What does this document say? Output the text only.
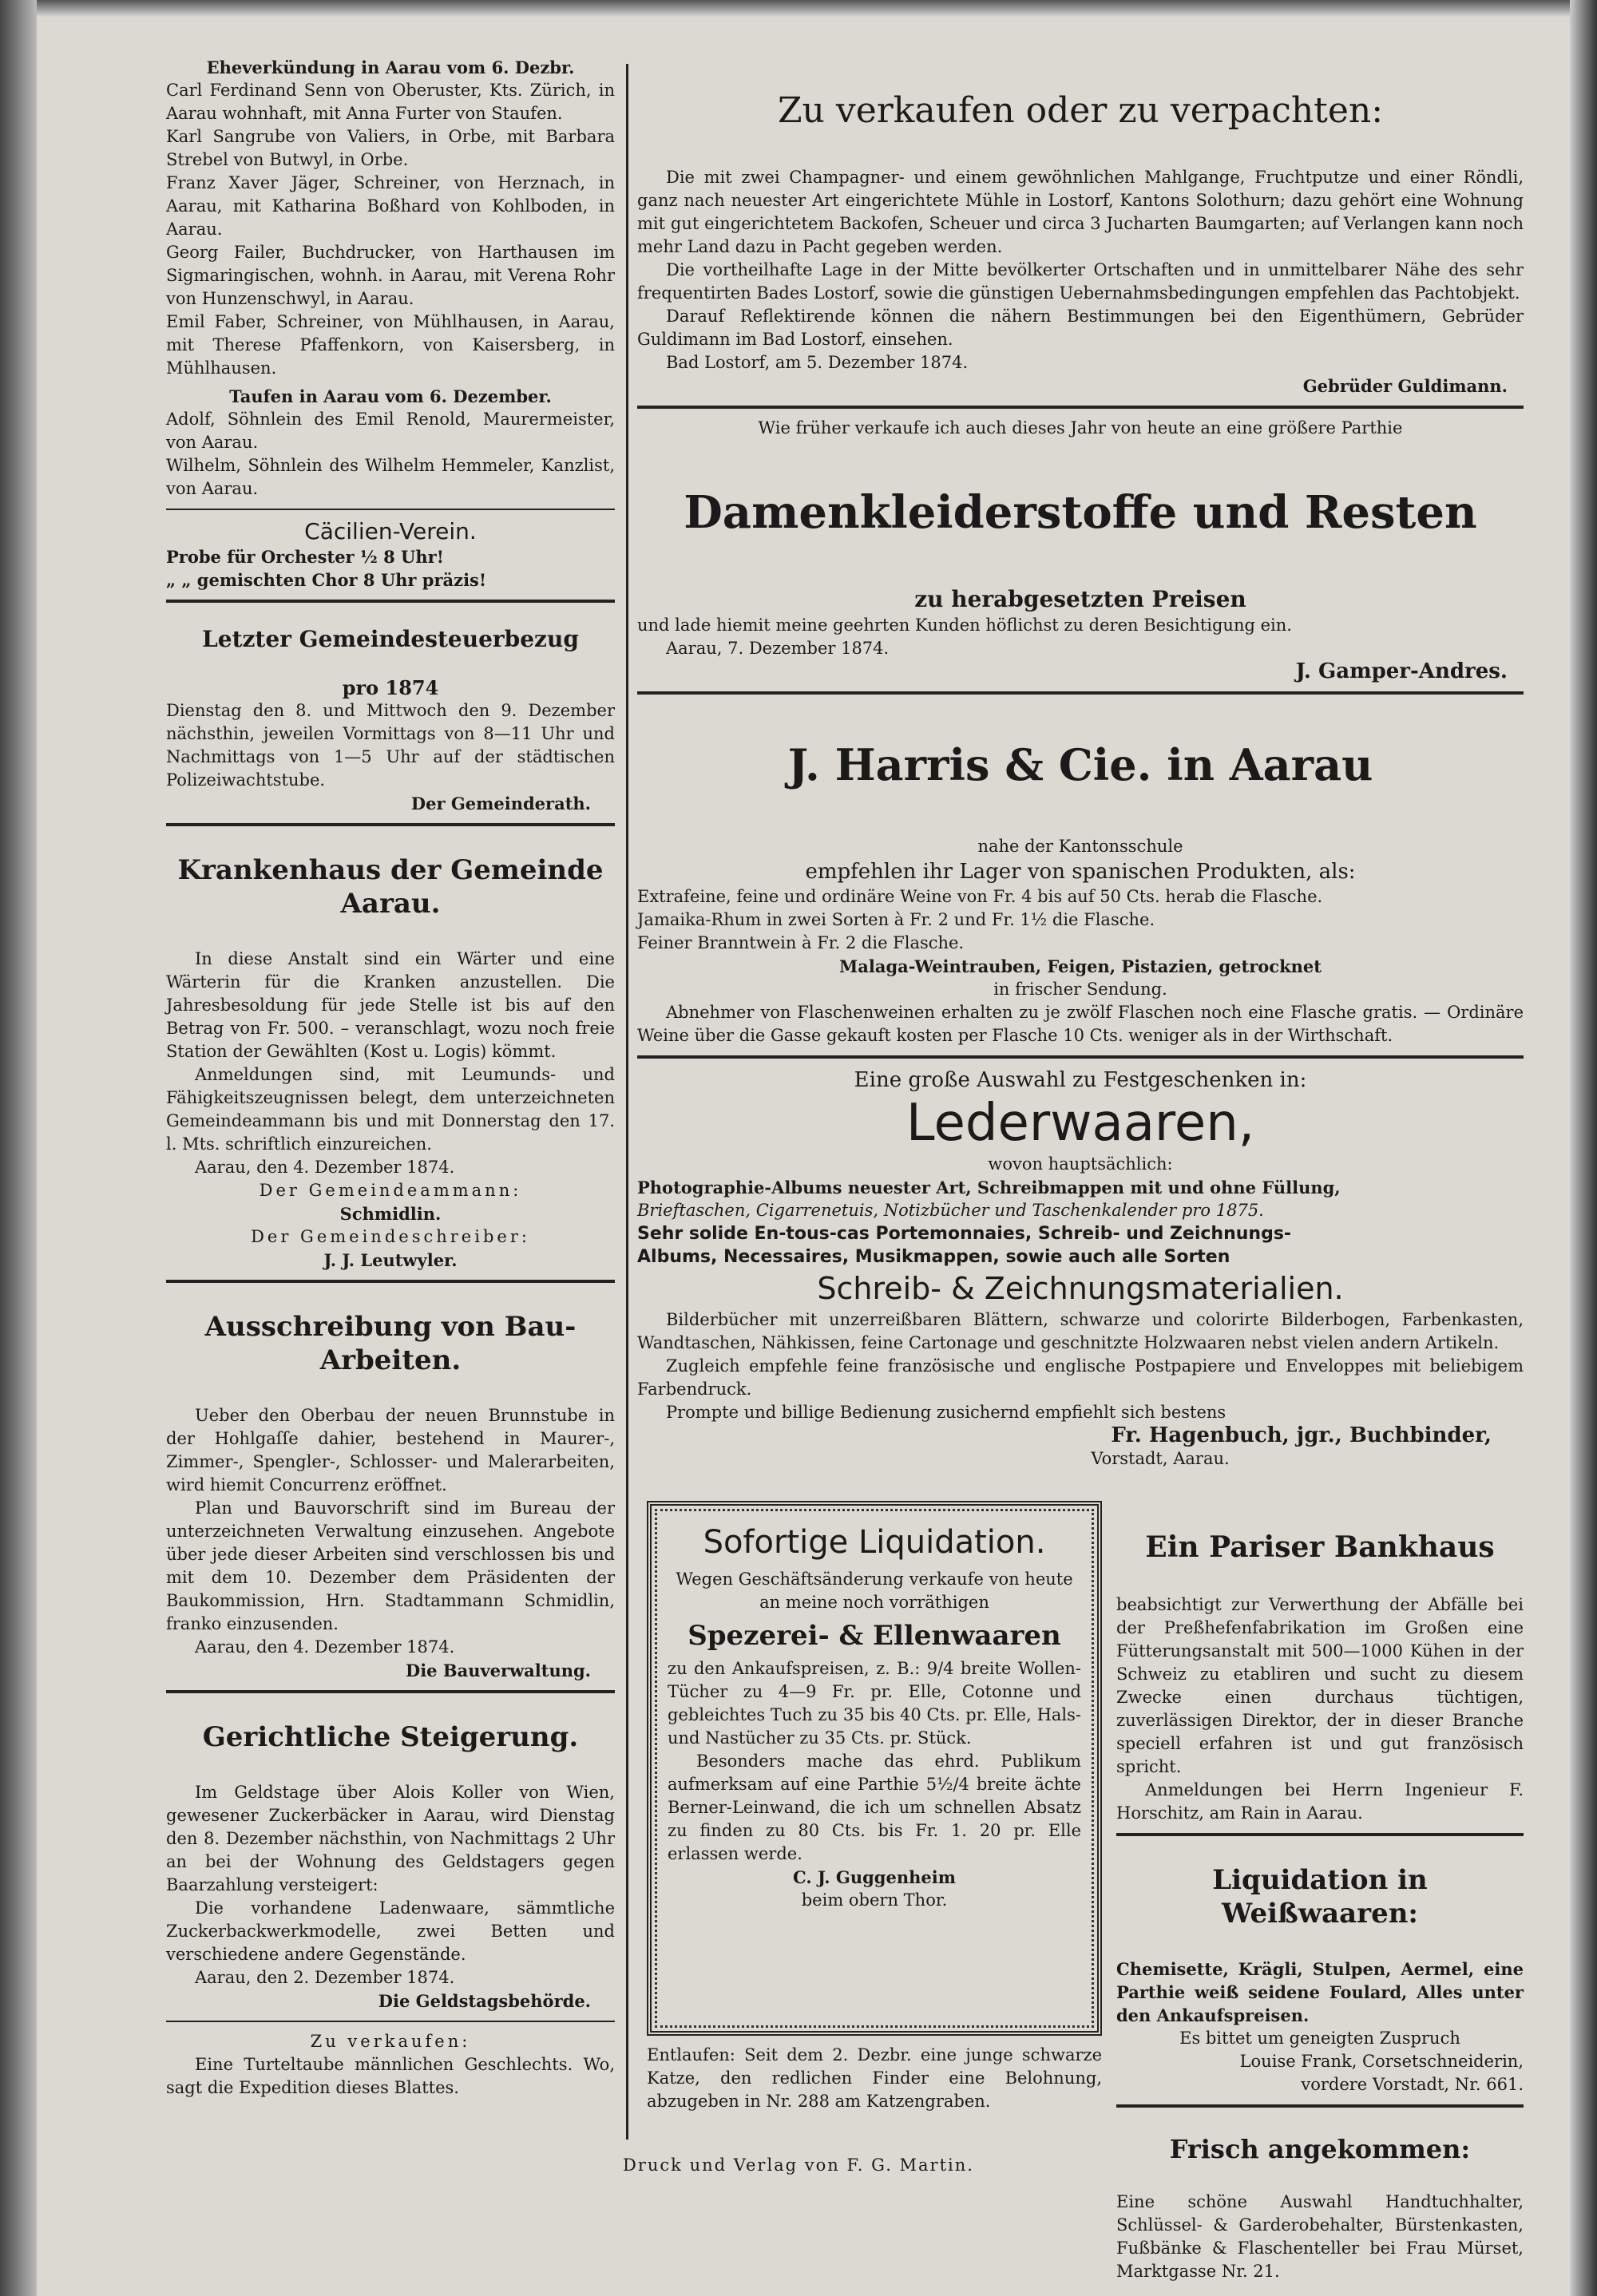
Eheverkündung in Aarau vom 6. Dezbr.

Carl Ferdinand Senn von Oberuster, Kts. Zürich, in Aarau wohnhaft, mit Anna Furter von Staufen.

Karl Sangrube von Valiers, in Orbe, mit Barbara Strebel von Butwyl, in Orbe.

Franz Xaver Jäger, Schreiner, von Herznach, in Aarau, mit Katharina Boßhard von Kohlboden, in Aarau.

Georg Failer, Buchdrucker, von Harthausen im Sigmaringischen, wohnh. in Aarau, mit Verena Rohr von Hunzenschwyl, in Aarau.

Emil Faber, Schreiner, von Mühlhausen, in Aarau, mit Therese Pfaffenkorn, von Kaisersberg, in Mühlhausen.

Taufen in Aarau vom 6. Dezember.

Adolf, Söhnlein des Emil Renold, Maurermeister, von Aarau.

Wilhelm, Söhnlein des Wilhelm Hemmeler, Kanzlist, von Aarau.

Cäcilien-Verein.

Probe für Orchester ½ 8 Uhr!

„ „ gemischten Chor 8 Uhr präzis!

Letzter Gemeindesteuerbezug

pro 1874

Dienstag den 8. und Mittwoch den 9. Dezember nächsthin, jeweilen Vormittags von 8—11 Uhr und Nachmittags von 1—5 Uhr auf der städtischen Polizeiwachtstube.

Der Gemeinderath.

Krankenhaus der Gemeinde Aarau.

In diese Anstalt sind ein Wärter und eine Wärterin für die Kranken anzustellen. Die Jahresbesoldung für jede Stelle ist bis auf den Betrag von Fr. 500. – veranschlagt, wozu noch freie Station der Gewählten (Kost u. Logis) kömmt.

Anmeldungen sind, mit Leumunds- und Fähigkeitszeugnissen belegt, dem unterzeichneten Gemeindeammann bis und mit Donnerstag den 17. l. Mts. schriftlich einzureichen.

Aarau, den 4. Dezember 1874.

Der Gemeindeammann:

Schmidlin.

Der Gemeindeschreiber:

J. J. Leutwyler.

Ausschreibung von Bau-Arbeiten.

Ueber den Oberbau der neuen Brunnstube in der Hohlgaſſe dahier, bestehend in Maurer-, Zimmer-, Spengler-, Schlosser- und Malerarbeiten, wird hiemit Concurrenz eröffnet.

Plan und Bauvorschrift sind im Bureau der unterzeichneten Verwaltung einzusehen. Angebote über jede dieser Arbeiten sind verschlossen bis und mit dem 10. Dezember dem Präsidenten der Baukommission, Hrn. Stadtammann Schmidlin, franko einzusenden.

Aarau, den 4. Dezember 1874.

Die Bauverwaltung.

Gerichtliche Steigerung.

Im Geldstage über Alois Koller von Wien, gewesener Zuckerbäcker in Aarau, wird Dienstag den 8. Dezember nächsthin, von Nachmittags 2 Uhr an bei der Wohnung des Geldstagers gegen Baarzahlung versteigert:

Die vorhandene Ladenwaare, sämmtliche Zuckerbackwerkmodelle, zwei Betten und verschiedene andere Gegenstände.

Aarau, den 2. Dezember 1874.

Die Geldstagsbehörde.

Zu verkaufen:

Eine Turteltaube männlichen Geschlechts. Wo, sagt die Expedition dieses Blattes.

Zu verkaufen oder zu verpachten:

Die mit zwei Champagner- und einem gewöhnlichen Mahlgange, Fruchtputze und einer Röndli, ganz nach neuester Art eingerichtete Mühle in Lostorf, Kantons Solothurn; dazu gehört eine Wohnung mit gut eingerichtetem Backofen, Scheuer und circa 3 Jucharten Baumgarten; auf Verlangen kann noch mehr Land dazu in Pacht gegeben werden.

Die vortheilhafte Lage in der Mitte bevölkerter Ortschaften und in unmittelbarer Nähe des sehr frequentirten Bades Lostorf, sowie die günstigen Uebernahmsbedingungen empfehlen das Pachtobjekt.

Darauf Reflektirende können die nähern Bestimmungen bei den Eigenthümern, Gebrüder Guldimann im Bad Lostorf, einsehen.

Bad Lostorf, am 5. Dezember 1874.

Gebrüder Guldimann.

Wie früher verkaufe ich auch dieses Jahr von heute an eine größere Parthie

Damenkleiderstoffe und Resten

zu herabgesetzten Preisen

und lade hiemit meine geehrten Kunden höflichst zu deren Besichtigung ein.

Aarau, 7. Dezember 1874.

J. Gamper-Andres.

J. Harris & Cie. in Aarau

nahe der Kantonsschule

empfehlen ihr Lager von spanischen Produkten, als:

Extrafeine, feine und ordinäre Weine von Fr. 4 bis auf 50 Cts. herab die Flasche.

Jamaika-Rhum in zwei Sorten à Fr. 2 und Fr. 1½ die Flasche.

Feiner Branntwein à Fr. 2 die Flasche.

Malaga-Weintrauben, Feigen, Pistazien, getrocknet

in frischer Sendung.

Abnehmer von Flaschenweinen erhalten zu je zwölf Flaschen noch eine Flasche gratis. — Ordinäre Weine über die Gasse gekauft kosten per Flasche 10 Cts. weniger als in der Wirthschaft.

Eine große Auswahl zu Festgeschenken in:

Lederwaaren,

wovon hauptsächlich:

Photographie-Albums neuester Art, Schreibmappen mit und ohne Füllung,

Brieftaschen, Cigarrenetuis, Notizbücher und Taschenkalender pro 1875.

Sehr solide En-tous-cas Portemonnaies, Schreib- und Zeichnungs-

Albums, Necessaires, Musikmappen, sowie auch alle Sorten

Schreib- & Zeichnungsmaterialien.

Bilderbücher mit unzerreißbaren Blättern, schwarze und colorirte Bilderbogen, Farbenkasten, Wandtaschen, Nähkissen, feine Cartonage und geschnitzte Holzwaaren nebst vielen andern Artikeln.

Zugleich empfehle feine französische und englische Postpapiere und Enveloppes mit beliebigem Farbendruck.

Prompte und billige Bedienung zusichernd empfiehlt sich bestens

Fr. Hagenbuch, jgr., Buchbinder,

Vorstadt, Aarau.

Sofortige Liquidation.

Wegen Geschäftsänderung verkaufe von heute an meine noch vorräthigen

Spezerei- & Ellenwaaren

zu den Ankaufspreisen, z. B.: 9/4 breite Wollen-Tücher zu 4—9 Fr. pr. Elle, Cotonne und gebleichtes Tuch zu 35 bis 40 Cts. pr. Elle, Hals- und Nastücher zu 35 Cts. pr. Stück.

Besonders mache das ehrd. Publikum aufmerksam auf eine Parthie 5½/4 breite ächte Berner-Leinwand, die ich um schnellen Absatz zu finden zu 80 Cts. bis Fr. 1. 20 pr. Elle erlassen werde.

C. J. Guggenheim

beim obern Thor.

Entlaufen: Seit dem 2. Dezbr. eine junge schwarze Katze, den redlichen Finder eine Belohnung, abzugeben in Nr. 288 am Katzengraben.

Ein Pariser Bankhaus

beabsichtigt zur Verwerthung der Abfälle bei der Preßhefenfabrikation im Großen eine Fütterungsanstalt mit 500—1000 Kühen in der Schweiz zu etabliren und sucht zu diesem Zwecke einen durchaus tüchtigen, zuverlässigen Direktor, der in dieser Branche speciell erfahren ist und gut französisch spricht.

Anmeldungen bei Herrn Ingenieur F. Horschitz, am Rain in Aarau.

Liquidation in Weißwaaren:

Chemisette, Krägli, Stulpen, Aermel, eine Parthie weiß seidene Foulard, Alles unter den Ankaufspreisen.

Es bittet um geneigten Zuspruch

Louise Frank, Corsetschneiderin,

vordere Vorstadt, Nr. 661.

Frisch angekommen:

Eine schöne Auswahl Handtuchhalter, Schlüssel- & Garderobehalter, Bürstenkasten, Fußbänke & Flaschenteller bei Frau Mürset, Marktgasse Nr. 21.

Druck und Verlag von F. G. Martin.
